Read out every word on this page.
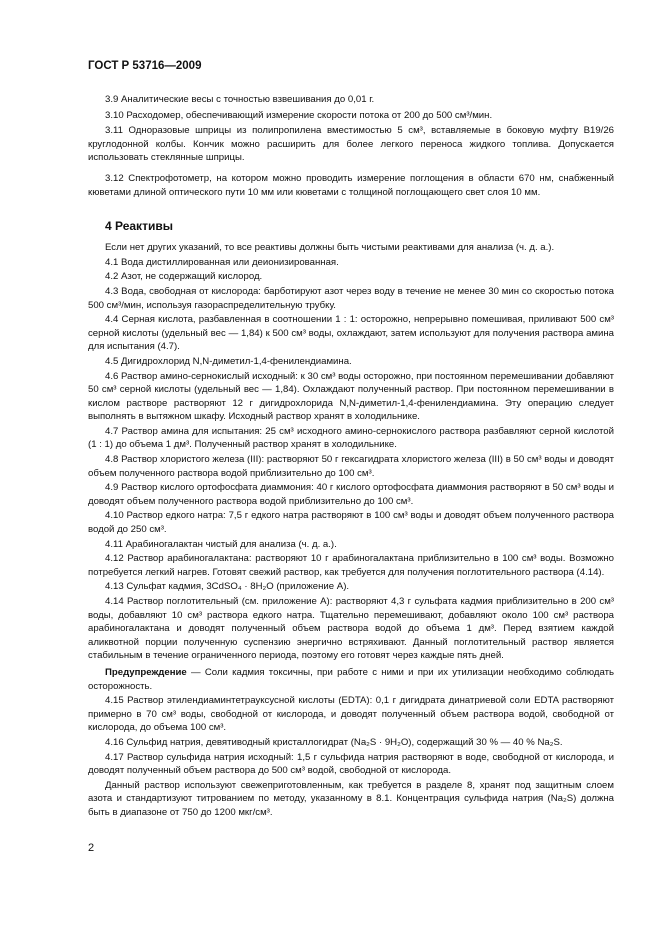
ГОСТ Р 53716—2009

3.9 Аналитические весы с точностью взвешивания до 0,01 г.

3.10 Расходомер, обеспечивающий измерение скорости потока от 200 до 500 см³/мин.

3.11 Одноразовые шприцы из полипропилена вместимостью 5 см³, вставляемые в боковую муфту B19/26 круглодонной колбы. Кончик можно расширить для более легкого переноса жидкого топлива. Допускается использовать стеклянные шприцы.

3.12 Спектрофотометр, на котором можно проводить измерение поглощения в области 670 нм, снабженный кюветами длиной оптического пути 10 мм или кюветами с толщиной поглощающего свет слоя 10 мм.

4 Реактивы

Если нет других указаний, то все реактивы должны быть чистыми реактивами для анализа (ч. д. а.).

4.1 Вода дистиллированная или деионизированная.

4.2 Азот, не содержащий кислород.

4.3 Вода, свободная от кислорода: барботируют азот через воду в течение не менее 30 мин со скоростью потока 500 см³/мин, используя газораспределительную трубку.

4.4 Серная кислота, разбавленная в соотношении 1 : 1: осторожно, непрерывно помешивая, приливают 500 см³ серной кислоты (удельный вес — 1,84) к 500 см³ воды, охлаждают, затем используют для получения раствора амина для испытания (4.7).

4.5 Дигидрохлорид N,N-диметил-1,4-фенилендиамина.

4.6 Раствор амино-сернокислый исходный: к 30 см³ воды осторожно, при постоянном перемешивании добавляют 50 см³ серной кислоты (удельный вес — 1,84). Охлаждают полученный раствор. При постоянном перемешивании в кислом растворе растворяют 12 г дигидрохлорида N,N-диметил-1,4-фенилендиамина. Эту операцию следует выполнять в вытяжном шкафу. Исходный раствор хранят в холодильнике.

4.7 Раствор амина для испытания: 25 см³ исходного амино-сернокислого раствора разбавляют серной кислотой (1 : 1) до объема 1 дм³. Полученный раствор хранят в холодильнике.

4.8 Раствор хлористого железа (III): растворяют 50 г гексагидрата хлористого железа (III) в 50 см³ воды и доводят объем полученного раствора водой приблизительно до 100 см³.

4.9 Раствор кислого ортофосфата диаммония: 40 г кислого ортофосфата диаммония растворяют в 50 см³ воды и доводят объем полученного раствора водой приблизительно до 100 см³.

4.10 Раствор едкого натра: 7,5 г едкого натра растворяют в 100 см³ воды и доводят объем полученного раствора водой до 250 см³.

4.11 Арабиногалактан чистый для анализа (ч. д. а.).

4.12 Раствор арабиногалактана: растворяют 10 г арабиногалактана приблизительно в 100 см³ воды. Возможно потребуется легкий нагрев. Готовят свежий раствор, как требуется для получения поглотительного раствора (4.14).

4.13 Сульфат кадмия, 3CdSO₄ · 8H₂O (приложение А).

4.14 Раствор поглотительный (см. приложение А): растворяют 4,3 г сульфата кадмия приблизительно в 200 см³ воды, добавляют 10 см³ раствора едкого натра. Тщательно перемешивают, добавляют около 100 см³ раствора арабиногалактана и доводят полученный объем раствора водой до объема 1 дм³. Перед взятием каждой аликвотной порции полученную суспензию энергично встряхивают. Данный поглотительный раствор является стабильным в течение ограниченного периода, поэтому его готовят через каждые пять дней.

Предупреждение — Соли кадмия токсичны, при работе с ними и при их утилизации необходимо соблюдать осторожность.

4.15 Раствор этилендиаминтетрауксусной кислоты (EDTA): 0,1 г дигидрата динатриевой соли EDTA растворяют примерно в 70 см³ воды, свободной от кислорода, и доводят полученный объем раствора водой, свободной от кислорода, до объема 100 см³.

4.16 Сульфид натрия, девятиводный кристаллогидрат (Na₂S · 9H₂O), содержащий 30 % — 40 % Na₂S.

4.17 Раствор сульфида натрия исходный: 1,5 г сульфида натрия растворяют в воде, свободной от кислорода, и доводят полученный объем раствора до 500 см³ водой, свободной от кислорода.

Данный раствор используют свежеприготовленным, как требуется в разделе 8, хранят под защитным слоем азота и стандартизуют титрованием по методу, указанному в 8.1. Концентрация сульфида натрия (Na₂S) должна быть в диапазоне от 750 до 1200 мкг/см³.

2
